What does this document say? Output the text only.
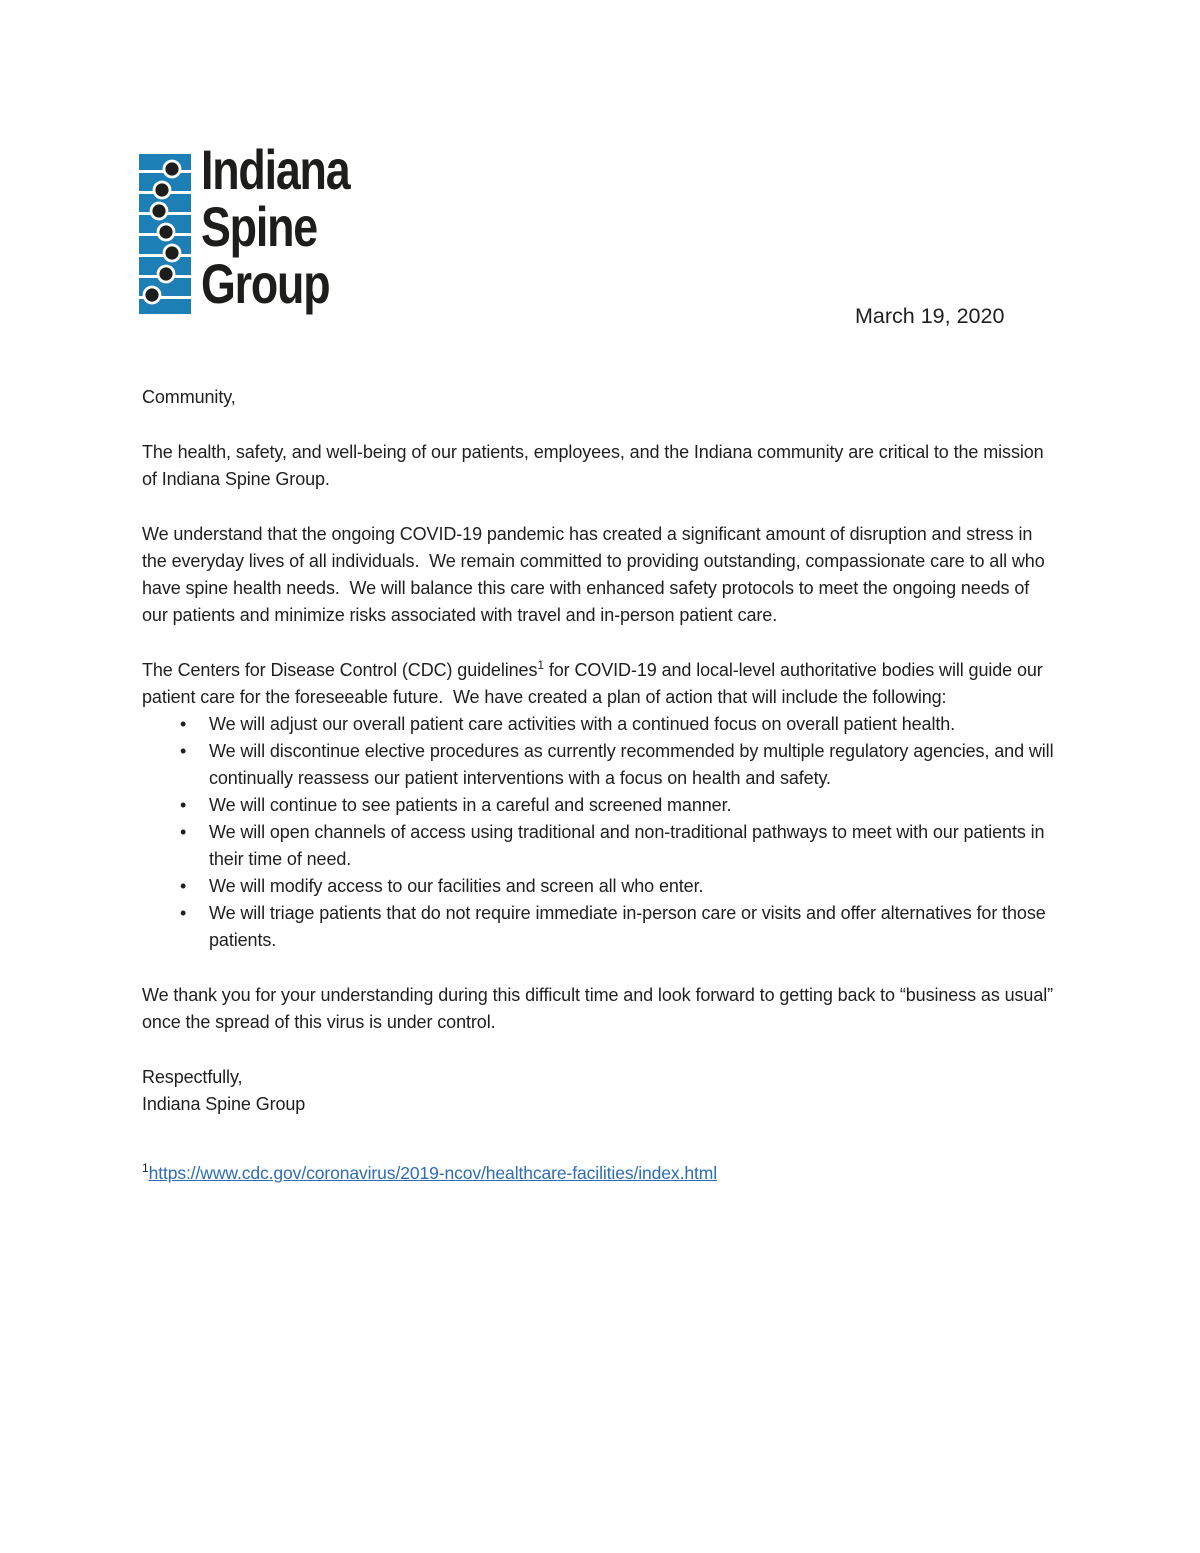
Indiana
Spine
Group
March 19, 2020

Community,

The health, safety, and well-being of our patients, employees, and the Indiana community are critical to the mission of Indiana Spine Group.

We understand that the ongoing COVID-19 pandemic has created a significant amount of disruption and stress in the everyday lives of all individuals.  We remain committed to providing outstanding, compassionate care to all who have spine health needs.  We will balance this care with enhanced safety protocols to meet the ongoing needs of our patients and minimize risks associated with travel and in-person patient care.

The Centers for Disease Control (CDC) guidelines$^1$ for COVID-19 and local-level authoritative bodies will guide our patient care for the foreseeable future.  We have created a plan of action that will include the following:

• We will adjust our overall patient care activities with a continued focus on overall patient health.
• We will discontinue elective procedures as currently recommended by multiple regulatory agencies, and will continually reassess our patient interventions with a focus on health and safety.
• We will continue to see patients in a careful and screened manner.
• We will open channels of access using traditional and non-traditional pathways to meet with our patients in their time of need.
• We will modify access to our facilities and screen all who enter.
• We will triage patients that do not require immediate in-person care or visits and offer alternatives for those patients.

We thank you for your understanding during this difficult time and look forward to getting back to “business as usual” once the spread of this virus is under control.

Respectfully,

Indiana Spine Group

$^1$https://www.cdc.gov/coronavirus/2019-ncov/healthcare-facilities/index.html
